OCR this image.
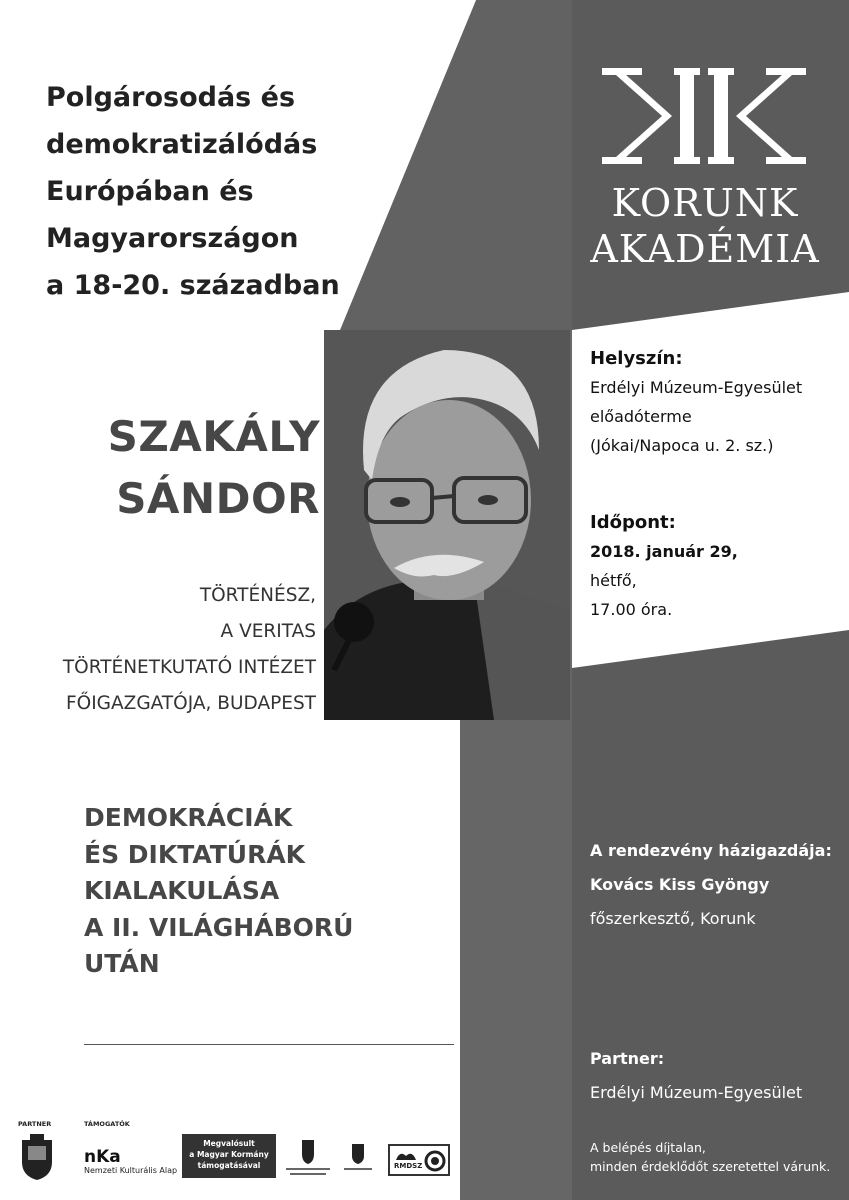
Polgárosodás és
demokratizálódás
Európában és
Magyarországon
a 18-20. században
KORUNK
AKADÉMIA
SZAKÁLY
SÁNDOR
TÖRTÉNÉSZ,
A VERITAS
TÖRTÉNETKUTATÓ INTÉZET
FŐIGAZGATÓJA, BUDAPEST
Helyszín:
Erdélyi Múzeum-Egyesület
előadóterme
(Jókai/Napoca u. 2. sz.)
Időpont:
2018. január 29,
hétfő,
17.00 óra.
DEMOKRÁCIÁK
ÉS DIKTATÚRÁK
KIALAKULÁSA
A II. VILÁGHÁBORÚ
UTÁN
A rendezvény házigazdája:
Kovács Kiss Gyöngy
főszerkesztő, Korunk
Partner:
Erdélyi Múzeum-Egyesület
A belépés díjtalan,
minden érdeklődőt szeretettel várunk.
PARTNER	TÁMOGATÓK
nKa
Nemzeti Kulturális Alap
Megvalósult
a Magyar Kormány
támogatásával	RMDSZ
